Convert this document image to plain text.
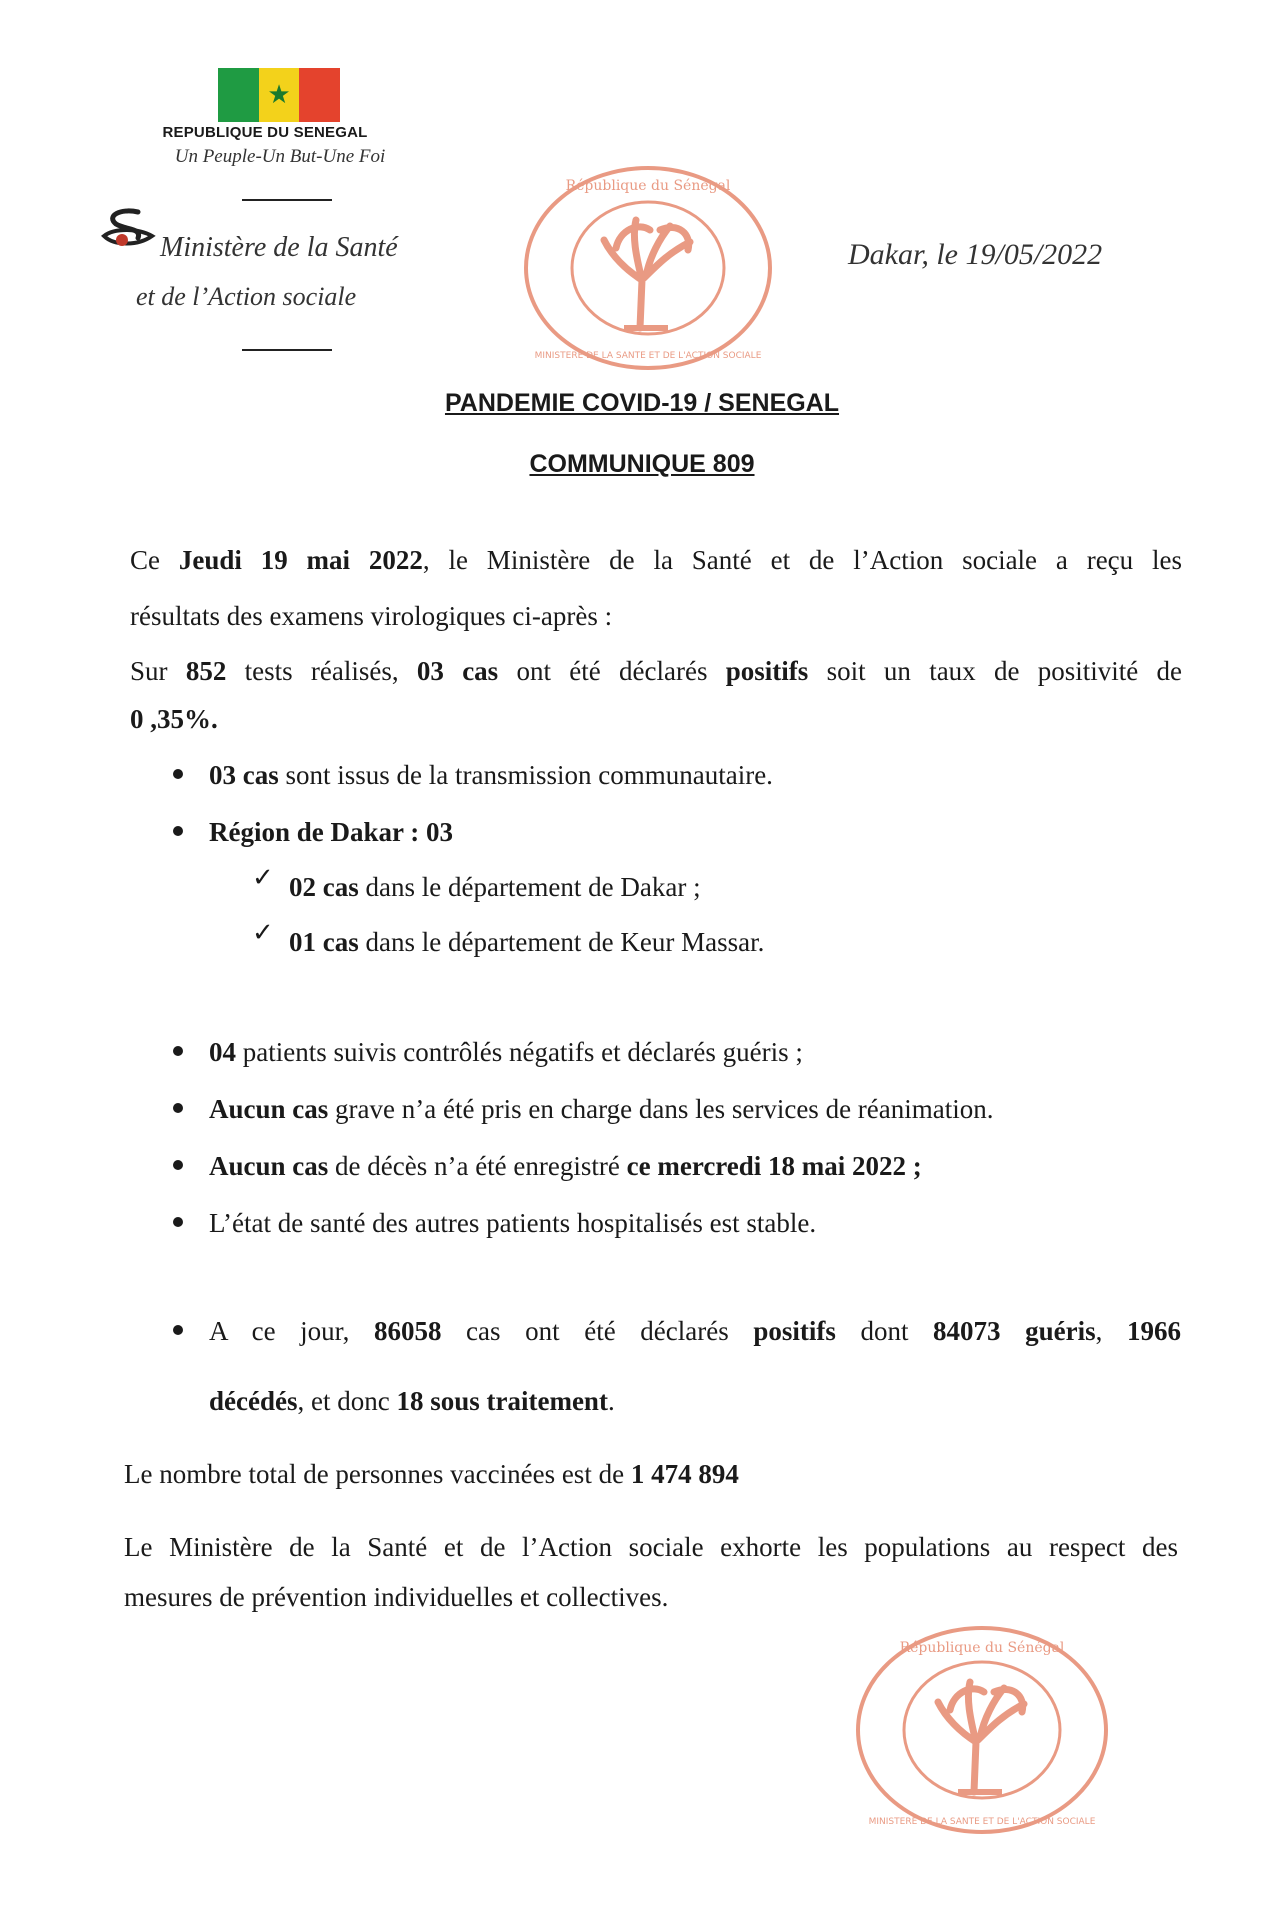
★
REPUBLIQUE DU SENEGAL
Un Peuple-Un But-Une Foi
Ministère de la Santé
et de l’Action sociale
République du Sénégal
MINISTERE DE LA SANTE ET DE L'ACTION SOCIALE
Dakar, le 19/05/2022
PANDEMIE COVID-19 / SENEGAL
COMMUNIQUE 809
Ce Jeudi 19 mai 2022, le Ministère de la Santé et de l’Action sociale a reçu les
résultats des examens virologiques ci-après :
Sur 852 tests réalisés, 03 cas ont été déclarés positifs soit un taux de positivité de
0 ,35%.
03 cas sont issus de la transmission communautaire.
Région de Dakar : 03
✓ 02 cas dans le département de Dakar ;
✓ 01 cas dans le département de Keur Massar.
04 patients suivis contrôlés négatifs et déclarés guéris ;
Aucun cas grave n’a été pris en charge dans les services de réanimation.
Aucun cas de décès n’a été enregistré ce mercredi 18 mai 2022 ;
L’état de santé des autres patients hospitalisés est stable.
A ce jour, 86058 cas ont été déclarés positifs dont 84073 guéris, 1966
décédés, et donc 18 sous traitement.
Le nombre total de personnes vaccinées est de 1 474 894
Le Ministère de la Santé et de l’Action sociale exhorte les populations au respect des
mesures de prévention individuelles et collectives.
République du Sénégal
MINISTERE DE LA SANTE ET DE L'ACTION SOCIALE
